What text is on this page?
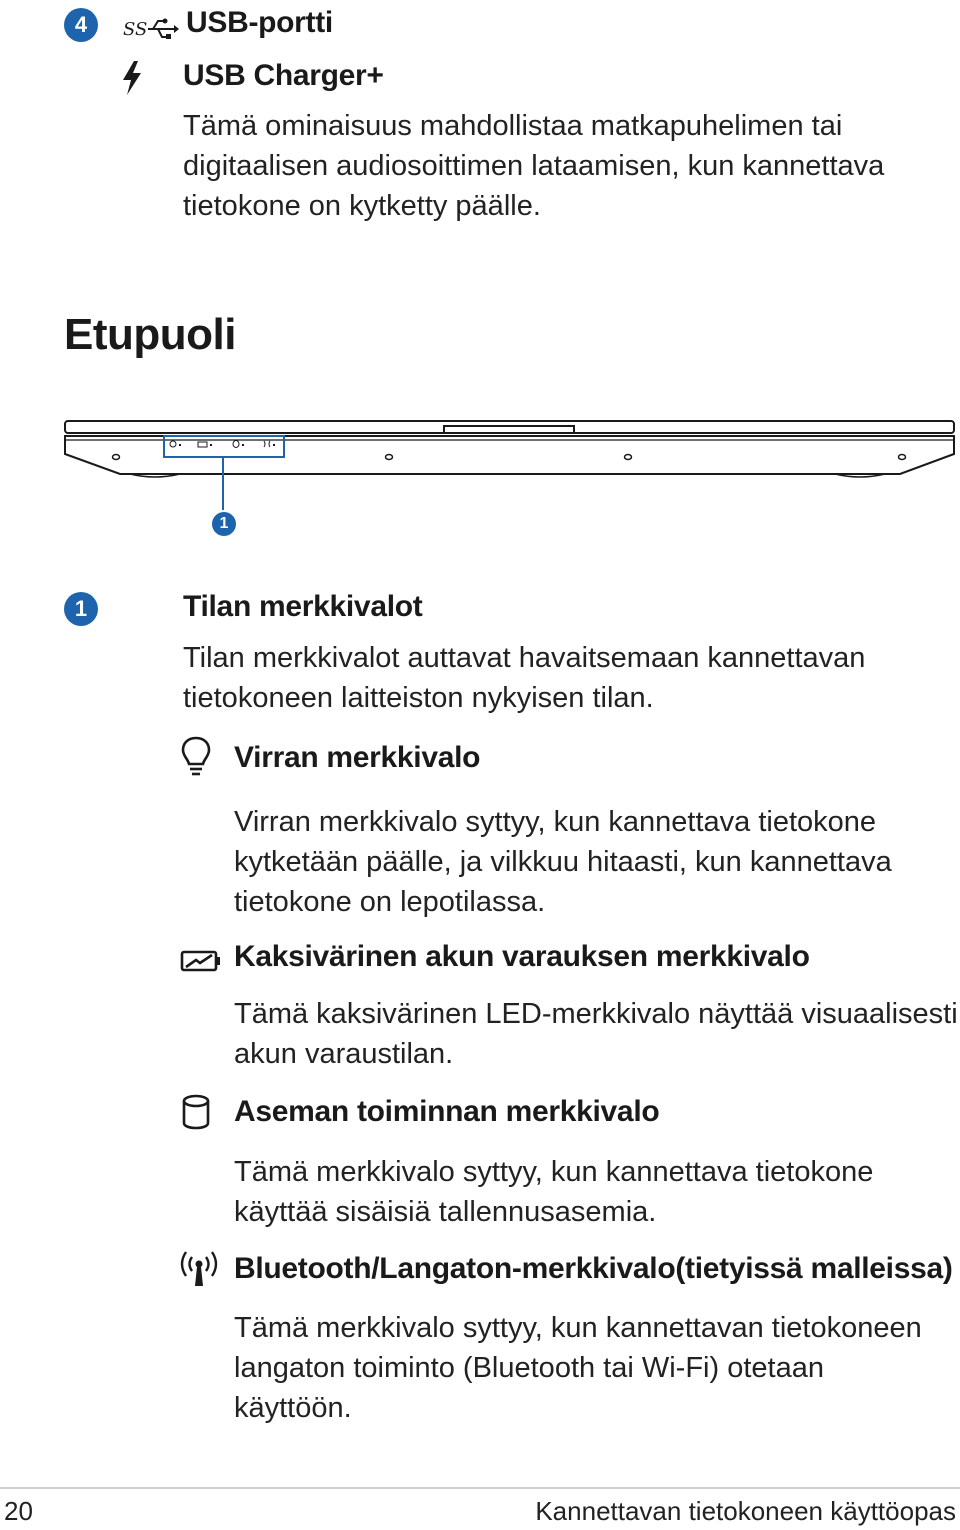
4	SS USB-portti
USB Charger+
Tämä ominaisuus mahdollistaa matkapuhelimen tai
digitaalisen audiosoittimen lataamisen, kun kannettava
tietokone on kytketty päälle.
Etupuoli
1
1	Tilan merkkivalot
Tilan merkkivalot auttavat havaitsemaan kannettavan
tietokoneen laitteiston nykyisen tilan.
Virran merkkivalo
Virran merkkivalo syttyy, kun kannettava tietokone
kytketään päälle, ja vilkkuu hitaasti, kun kannettava
tietokone on lepotilassa.
Kaksivärinen akun varauksen merkkivalo
Tämä kaksivärinen LED-merkkivalo näyttää visuaalisesti
akun varaustilan.
Aseman toiminnan merkkivalo
Tämä merkkivalo syttyy, kun kannettava tietokone
käyttää sisäisiä tallennusasemia.
Bluetooth/Langaton-merkkivalo(tietyissä malleissa)
Tämä merkkivalo syttyy, kun kannettavan tietokoneen
langaton toiminto (Bluetooth tai Wi-Fi) otetaan
käyttöön.
20	Kannettavan tietokoneen käyttöopas
